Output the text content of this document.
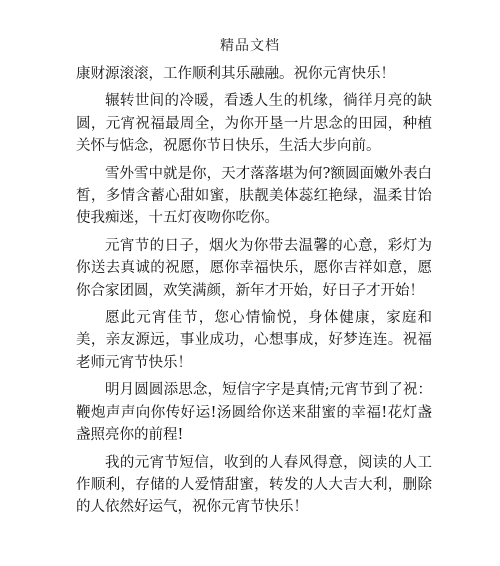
精品文档

康财源滚滚，工作顺利其乐融融。祝你元宵快乐！

辗转世间的冷暖，看透人生的机缘，徜徉月亮的缺圆，元宵祝福最周全，为你开垦一片思念的田园，种植关怀与惦念，祝愿你节日快乐，生活大步向前。

雪外雪中就是你，天才落落堪为何?额圆面嫩外表白皙，多情含蓄心甜如蜜，肤靓美体蕊红艳绿，温柔甘饴使我痴迷，十五灯夜吻你吃你。

元宵节的日子，烟火为你带去温馨的心意，彩灯为你送去真诚的祝愿，愿你幸福快乐，愿你吉祥如意，愿你合家团圆，欢笑满颜，新年才开始，好日子才开始！

愿此元宵佳节，您心情愉悦，身体健康，家庭和美，亲友源远，事业成功，心想事成，好梦连连。祝福老师元宵节快乐！

明月圆圆添思念，短信字字是真情;元宵节到了祝：鞭炮声声向你传好运!汤圆给你送来甜蜜的幸福!花灯盏盏照亮你的前程!

我的元宵节短信，收到的人春风得意，阅读的人工作顺利，存储的人爱情甜蜜，转发的人大吉大利，删除的人依然好运气，祝你元宵节快乐！
